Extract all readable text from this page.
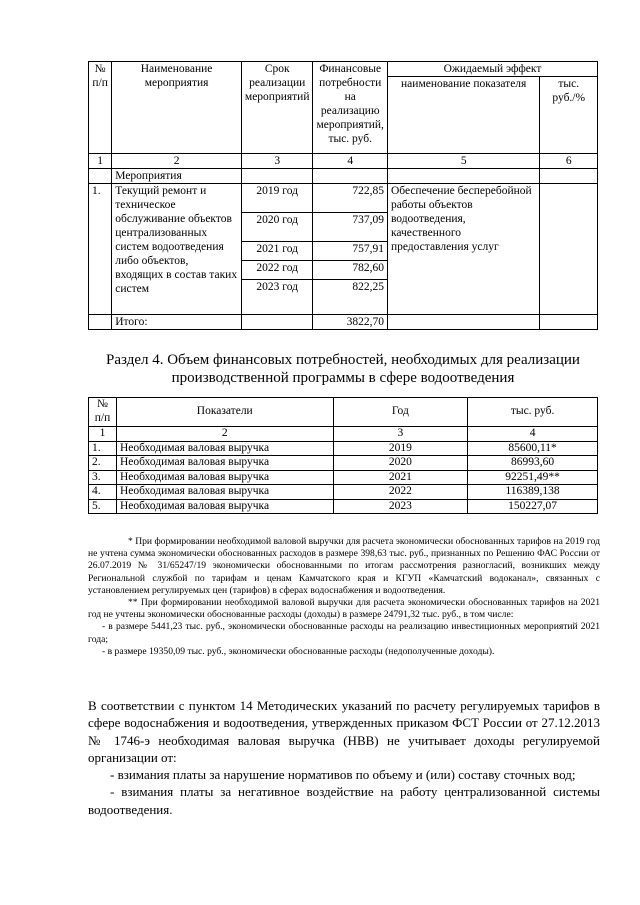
№ п/п	Наименование мероприятия	Срок реализации мероприятий	Финансовые потребности на реализацию мероприятий, тыс. руб.	Ожидаемый эффект	
				наименование показателя	тыс. руб./%
1	2	3	4	5	6
	Мероприятия				
1.	Текущий ремонт и техническое обслуживание объектов централизованных систем водоотведения либо объектов, входящих в состав таких систем	2019 год	722,85	Обеспечение бесперебойной работы объектов водоотведения, качественного предоставления услуг	
		2020 год	737,09		
		2021 год	757,91		
		2022 год	782,60		
		2023 год	822,25		
	Итого:		3822,70		
Раздел 4. Объем финансовых потребностей, необходимых для реализации производственной программы в сфере водоотведения
№ п/п	Показатели	Год	тыс. руб.
1	2	3	4
1.	Необходимая валовая выручка	2019	85600,11*
2.	Необходимая валовая выручка	2020	86993,60
3.	Необходимая валовая выручка	2021	92251,49**
4.	Необходимая валовая выручка	2022	116389,138
5.	Необходимая валовая выручка	2023	150227,07

* При формировании необходимой валовой выручки для расчета экономически обоснованных тарифов на 2019 год не учтена сумма экономически обоснованных расходов в размере 398,63 тыс. руб., признанных по Решению ФАС России от 26.07.2019 № 31/65247/19 экономически обоснованными по итогам рассмотрения разногласий, возникших между Региональной службой по тарифам и ценам Камчатского края и КГУП «Камчатский водоканал», связанных с установлением регулируемых цен (тарифов) в сферах водоснабжения и водоотведения.

** При формировании необходимой валовой выручки для расчета экономически обоснованных тарифов на 2021 год не учтены экономически обоснованные расходы (доходы) в размере 24791,32 тыс. руб., в том числе:

- в размере 5441,23 тыс. руб., экономически обоснованные расходы на реализацию инвестиционных мероприятий 2021 года;

- в размере 19350,09 тыс. руб., экономически обоснованные расходы (недополученные доходы).

В соответствии с пунктом 14 Методических указаний по расчету регулируемых тарифов в сфере водоснабжения и водоотведения, утвержденных приказом ФСТ России от 27.12.2013 № 1746-э необходимая валовая выручка (НВВ) не учитывает доходы регулируемой организации от:

- взимания платы за нарушение нормативов по объему и (или) составу сточных вод;

- взимания платы за негативное воздействие на работу централизованной системы водоотведения.
